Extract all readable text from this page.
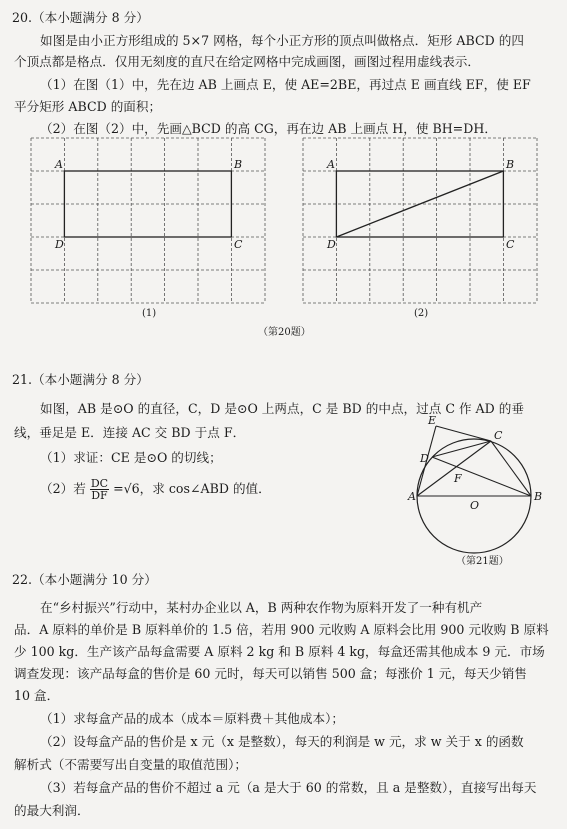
20.（本小题满分 8 分）
如图是由小正方形组成的 5×7 网格，每个小正方形的顶点叫做格点．矩形 ABCD 的四
个顶点都是格点．仅用无刻度的直尺在给定网格中完成画图，画图过程用虚线表示．
（1）在图（1）中，先在边 AB 上画点 E，使 AE=2BE，再过点 E 画直线 EF，使 EF
平分矩形 ABCD 的面积；
（2）在图（2）中，先画△BCD 的高 CG，再在边 AB 上画点 H，使 BH=DH．
A	B
C
D
A	B
C
D
(1)	(2)
（第20题）
21.（本小题满分 8 分）
如图，AB 是⊙O 的直径，C，D 是⊙O 上两点，C 是 BD 的中点，过点 C 作 AD 的垂
线，垂足是 E．连接 AC 交 BD 于点 F．
（1）求证：CE 是⊙O 的切线；
（2）若 $\frac{DC}{DF} =√6$，求 cos∠ABD 的值．
E
C
D
F
A
O
B
（第21题）
22.（本小题满分 10 分）
在“乡村振兴”行动中，某村办企业以 A，B 两种农作物为原料开发了一种有机产
品．A 原料的单价是 B 原料单价的 1.5 倍，若用 900 元收购 A 原料会比用 900 元收购 B 原料
少 100 kg．生产该产品每盒需要 A 原料 2 kg 和 B 原料 4 kg，每盒还需其他成本 9 元．市场
调查发现：该产品每盒的售价是 60 元时，每天可以销售 500 盒；每涨价 1 元，每天少销售
10 盒．
（1）求每盒产品的成本（成本＝原料费＋其他成本）；
（2）设每盒产品的售价是 x 元（x 是整数），每天的利润是 w 元，求 w 关于 x 的函数
解析式（不需要写出自变量的取值范围）；
（3）若每盒产品的售价不超过 a 元（a 是大于 60 的常数，且 a 是整数），直接写出每天
的最大利润．
